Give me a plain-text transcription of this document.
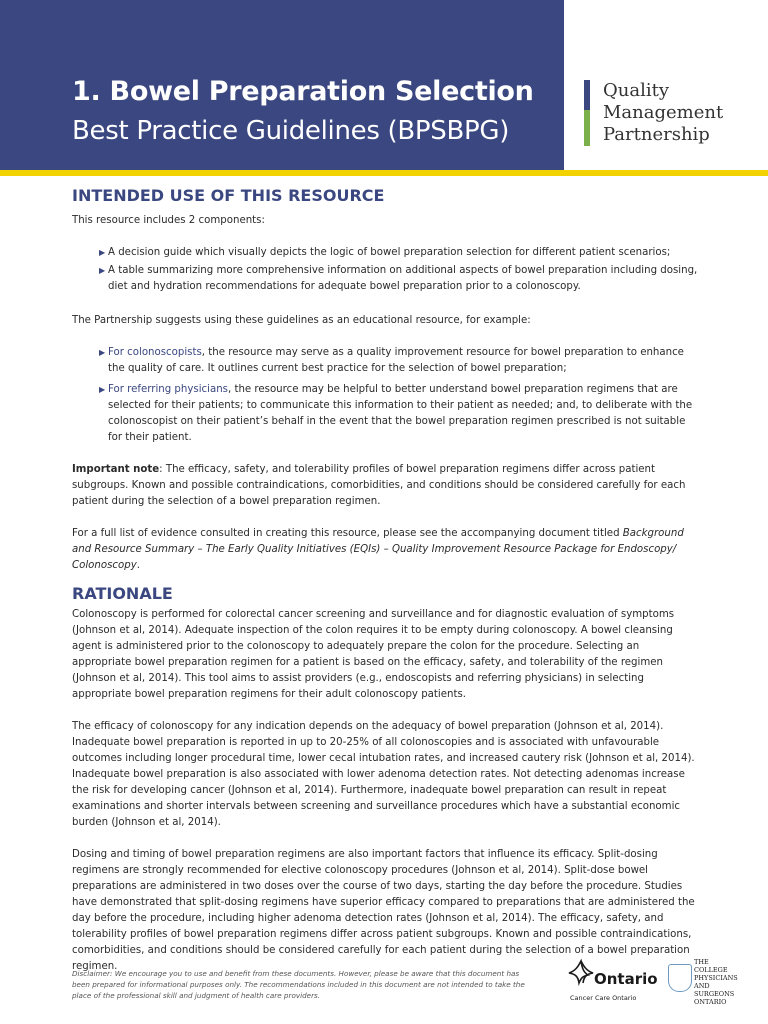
1. Bowel Preparation Selection
Best Practice Guidelines (BPSBPG)
Quality
Management
Partnership
INTENDED USE OF THIS RESOURCE

This resource includes 2 components:

▶ A decision guide which visually depicts the logic of bowel preparation selection for different patient scenarios;
▶ A table summarizing more comprehensive information on additional aspects of bowel preparation including dosing, diet and hydration recommendations for adequate bowel preparation prior to a colonoscopy.

The Partnership suggests using these guidelines as an educational resource, for example:

▶ For colonoscopists, the resource may serve as a quality improvement resource for bowel preparation to enhance the quality of care. It outlines current best practice for the selection of bowel preparation;
▶ For referring physicians, the resource may be helpful to better understand bowel preparation regimens that are selected for their patients; to communicate this information to their patient as needed; and, to deliberate with the colonoscopist on their patient’s behalf in the event that the bowel preparation regimen prescribed is not suitable for their patient.

Important note: The efficacy, safety, and tolerability profiles of bowel preparation regimens differ across patient subgroups. Known and possible contraindications, comorbidities, and conditions should be considered carefully for each patient during the selection of a bowel preparation regimen.

For a full list of evidence consulted in creating this resource, please see the accompanying document titled Background and Resource Summary – The Early Quality Initiatives (EQIs) – Quality Improvement Resource Package for Endoscopy/ Colonoscopy.

RATIONALE

Colonoscopy is performed for colorectal cancer screening and surveillance and for diagnostic evaluation of symptoms (Johnson et al, 2014). Adequate inspection of the colon requires it to be empty during colonoscopy. A bowel cleansing agent is administered prior to the colonoscopy to adequately prepare the colon for the procedure. Selecting an appropriate bowel preparation regimen for a patient is based on the efficacy, safety, and tolerability of the regimen (Johnson et al, 2014). This tool aims to assist providers (e.g., endoscopists and referring physicians) in selecting appropriate bowel preparation regimens for their adult colonoscopy patients.

The efficacy of colonoscopy for any indication depends on the adequacy of bowel preparation (Johnson et al, 2014). Inadequate bowel preparation is reported in up to 20-25% of all colonoscopies and is associated with unfavourable outcomes including longer procedural time, lower cecal intubation rates, and increased cautery risk (Johnson et al, 2014). Inadequate bowel preparation is also associated with lower adenoma detection rates. Not detecting adenomas increase the risk for developing cancer (Johnson et al, 2014). Furthermore, inadequate bowel preparation can result in repeat examinations and shorter intervals between screening and surveillance procedures which have a substantial economic burden (Johnson et al, 2014).

Dosing and timing of bowel preparation regimens are also important factors that influence its efficacy. Split-dosing regimens are strongly recommended for elective colonoscopy procedures (Johnson et al, 2014). Split-dose bowel preparations are administered in two doses over the course of two days, starting the day before the procedure. Studies have demonstrated that split-dosing regimens have superior efficacy compared to preparations that are administered the day before the procedure, including higher adenoma detection rates (Johnson et al, 2014). The efficacy, safety, and tolerability profiles of bowel preparation regimens differ across patient subgroups. Known and possible contraindications, comorbidities, and conditions should be considered carefully for each patient during the selection of a bowel preparation regimen.

Disclaimer: We encourage you to use and benefit from these documents. However, please be aware that this document has been prepared for informational purposes only. The recommendations included in this document are not intended to take the place of the professional skill and judgment of health care providers.
Ontario
Cancer Care Ontario
THE
COLLEGE
PHYSICIANS
AND
SURGEONS
ONTARIO
